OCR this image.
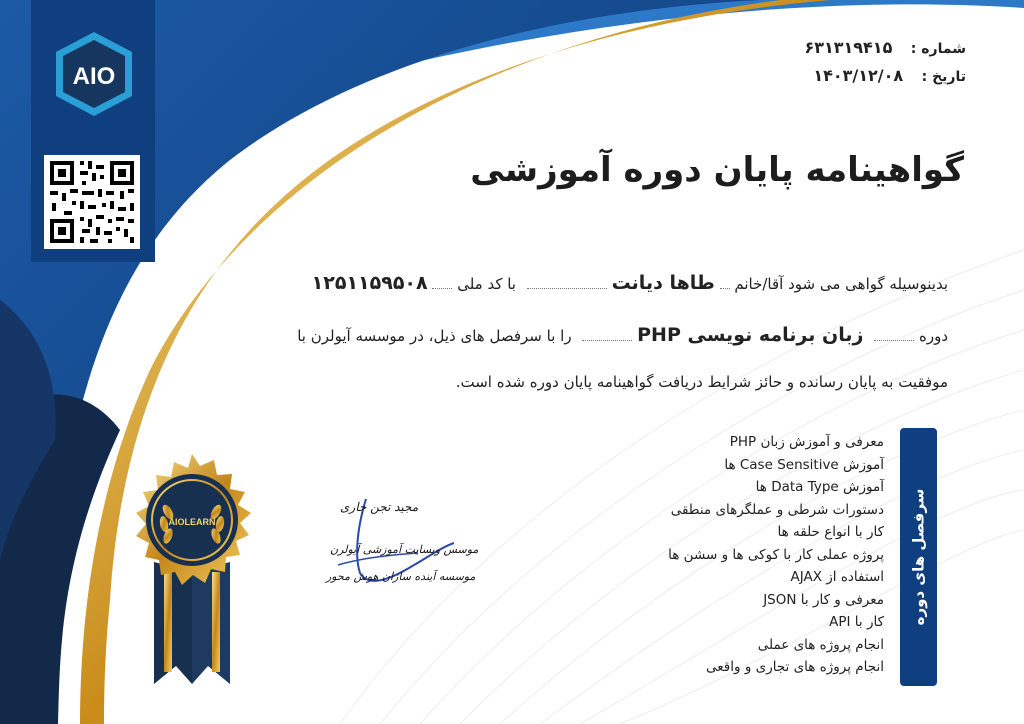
AIO
شماره : ۶۳۱۳۱۹۴۱۵
تاریخ : ۱۴۰۳/۱۲/۰۸
گواهینامه پایان دوره آموزشی
بدینوسیله گواهی می شود آقا/خانم  طاها دیانت  با کد ملی  ۱۲۵۱۱۵۹۵۰۸
دوره  زبان برنامه نویسی PHP  را با سرفصل های ذیل، در موسسه آیولرن با
موفقیت به پایان رسانده و حائز شرایط دریافت گواهینامه پایان دوره شده است.
سرفصل های دوره
معرفی و آموزش زبان PHP
آموزش Case Sensitive ها
آموزش Data Type ها
دستورات شرطی و عملگرهای منطقی
کار با انواع حلقه ها
پروژه عملی کار با کوکی ها و سشن ها
استفاده از AJAX
معرفی و کار با JSON
کار با API
انجام پروژه های عملی
انجام پروژه های تجاری و واقعی
AIOLEARN
مجید تجن جاری
موسس وبسایت آموزشی آیولرن
موسسه آینده سازان هوش محور
